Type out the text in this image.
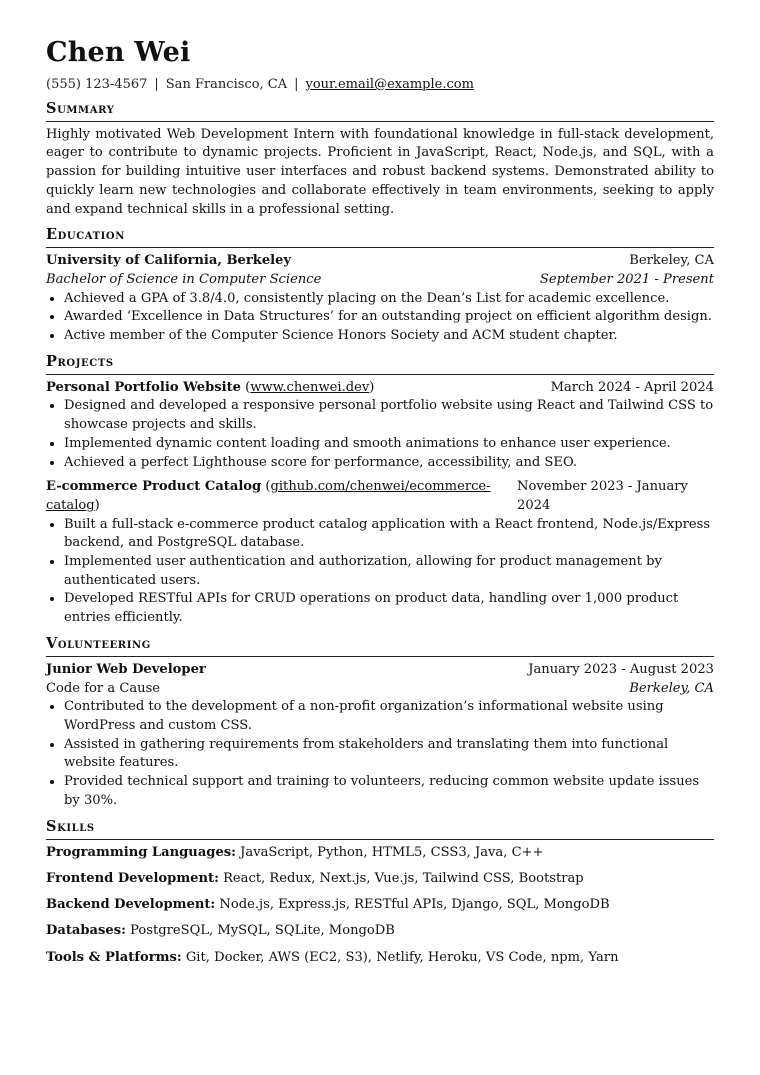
Chen Wei
(555) 123-4567 | San Francisco, CA | your.email@example.com
Summary
Highly motivated Web Development Intern with foundational knowledge in full-stack development, eager to contribute to dynamic projects. Proficient in JavaScript, React, Node.js, and SQL, with a passion for building intuitive user interfaces and robust backend systems. Demonstrated ability to quickly learn new technologies and collaborate effectively in team environments, seeking to apply and expand technical skills in a professional setting.
Education
University of California, Berkeley	Berkeley, CA
Bachelor of Science in Computer Science	September 2021 - Present
• Achieved a GPA of 3.8/4.0, consistently placing on the Dean’s List for academic excellence.
• Awarded ‘Excellence in Data Structures’ for an outstanding project on efficient algorithm design.
• Active member of the Computer Science Honors Society and ACM student chapter.
Projects
Personal Portfolio Website (www.chenwei.dev)	March 2024 - April 2024
• Designed and developed a responsive personal portfolio website using React and Tailwind CSS to showcase projects and skills.
• Implemented dynamic content loading and smooth animations to enhance user experience.
• Achieved a perfect Lighthouse score for performance, accessibility, and SEO.
E-commerce Product Catalog (github.com/chenwei/ecommerce-catalog)
November 2023 - January 2024
• Built a full-stack e-commerce product catalog application with a React frontend, Node.js/Express backend, and PostgreSQL database.
• Implemented user authentication and authorization, allowing for product management by authenticated users.
• Developed RESTful APIs for CRUD operations on product data, handling over 1,000 product entries efficiently.
Volunteering
Junior Web Developer	January 2023 - August 2023
Code for a Cause	Berkeley, CA
• Contributed to the development of a non-profit organization’s informational website using WordPress and custom CSS.
• Assisted in gathering requirements from stakeholders and translating them into functional website features.
• Provided technical support and training to volunteers, reducing common website update issues by 30%.
Skills
Programming Languages: JavaScript, Python, HTML5, CSS3, Java, C++
Frontend Development: React, Redux, Next.js, Vue.js, Tailwind CSS, Bootstrap
Backend Development: Node.js, Express.js, RESTful APIs, Django, SQL, MongoDB
Databases: PostgreSQL, MySQL, SQLite, MongoDB
Tools & Platforms: Git, Docker, AWS (EC2, S3), Netlify, Heroku, VS Code, npm, Yarn
